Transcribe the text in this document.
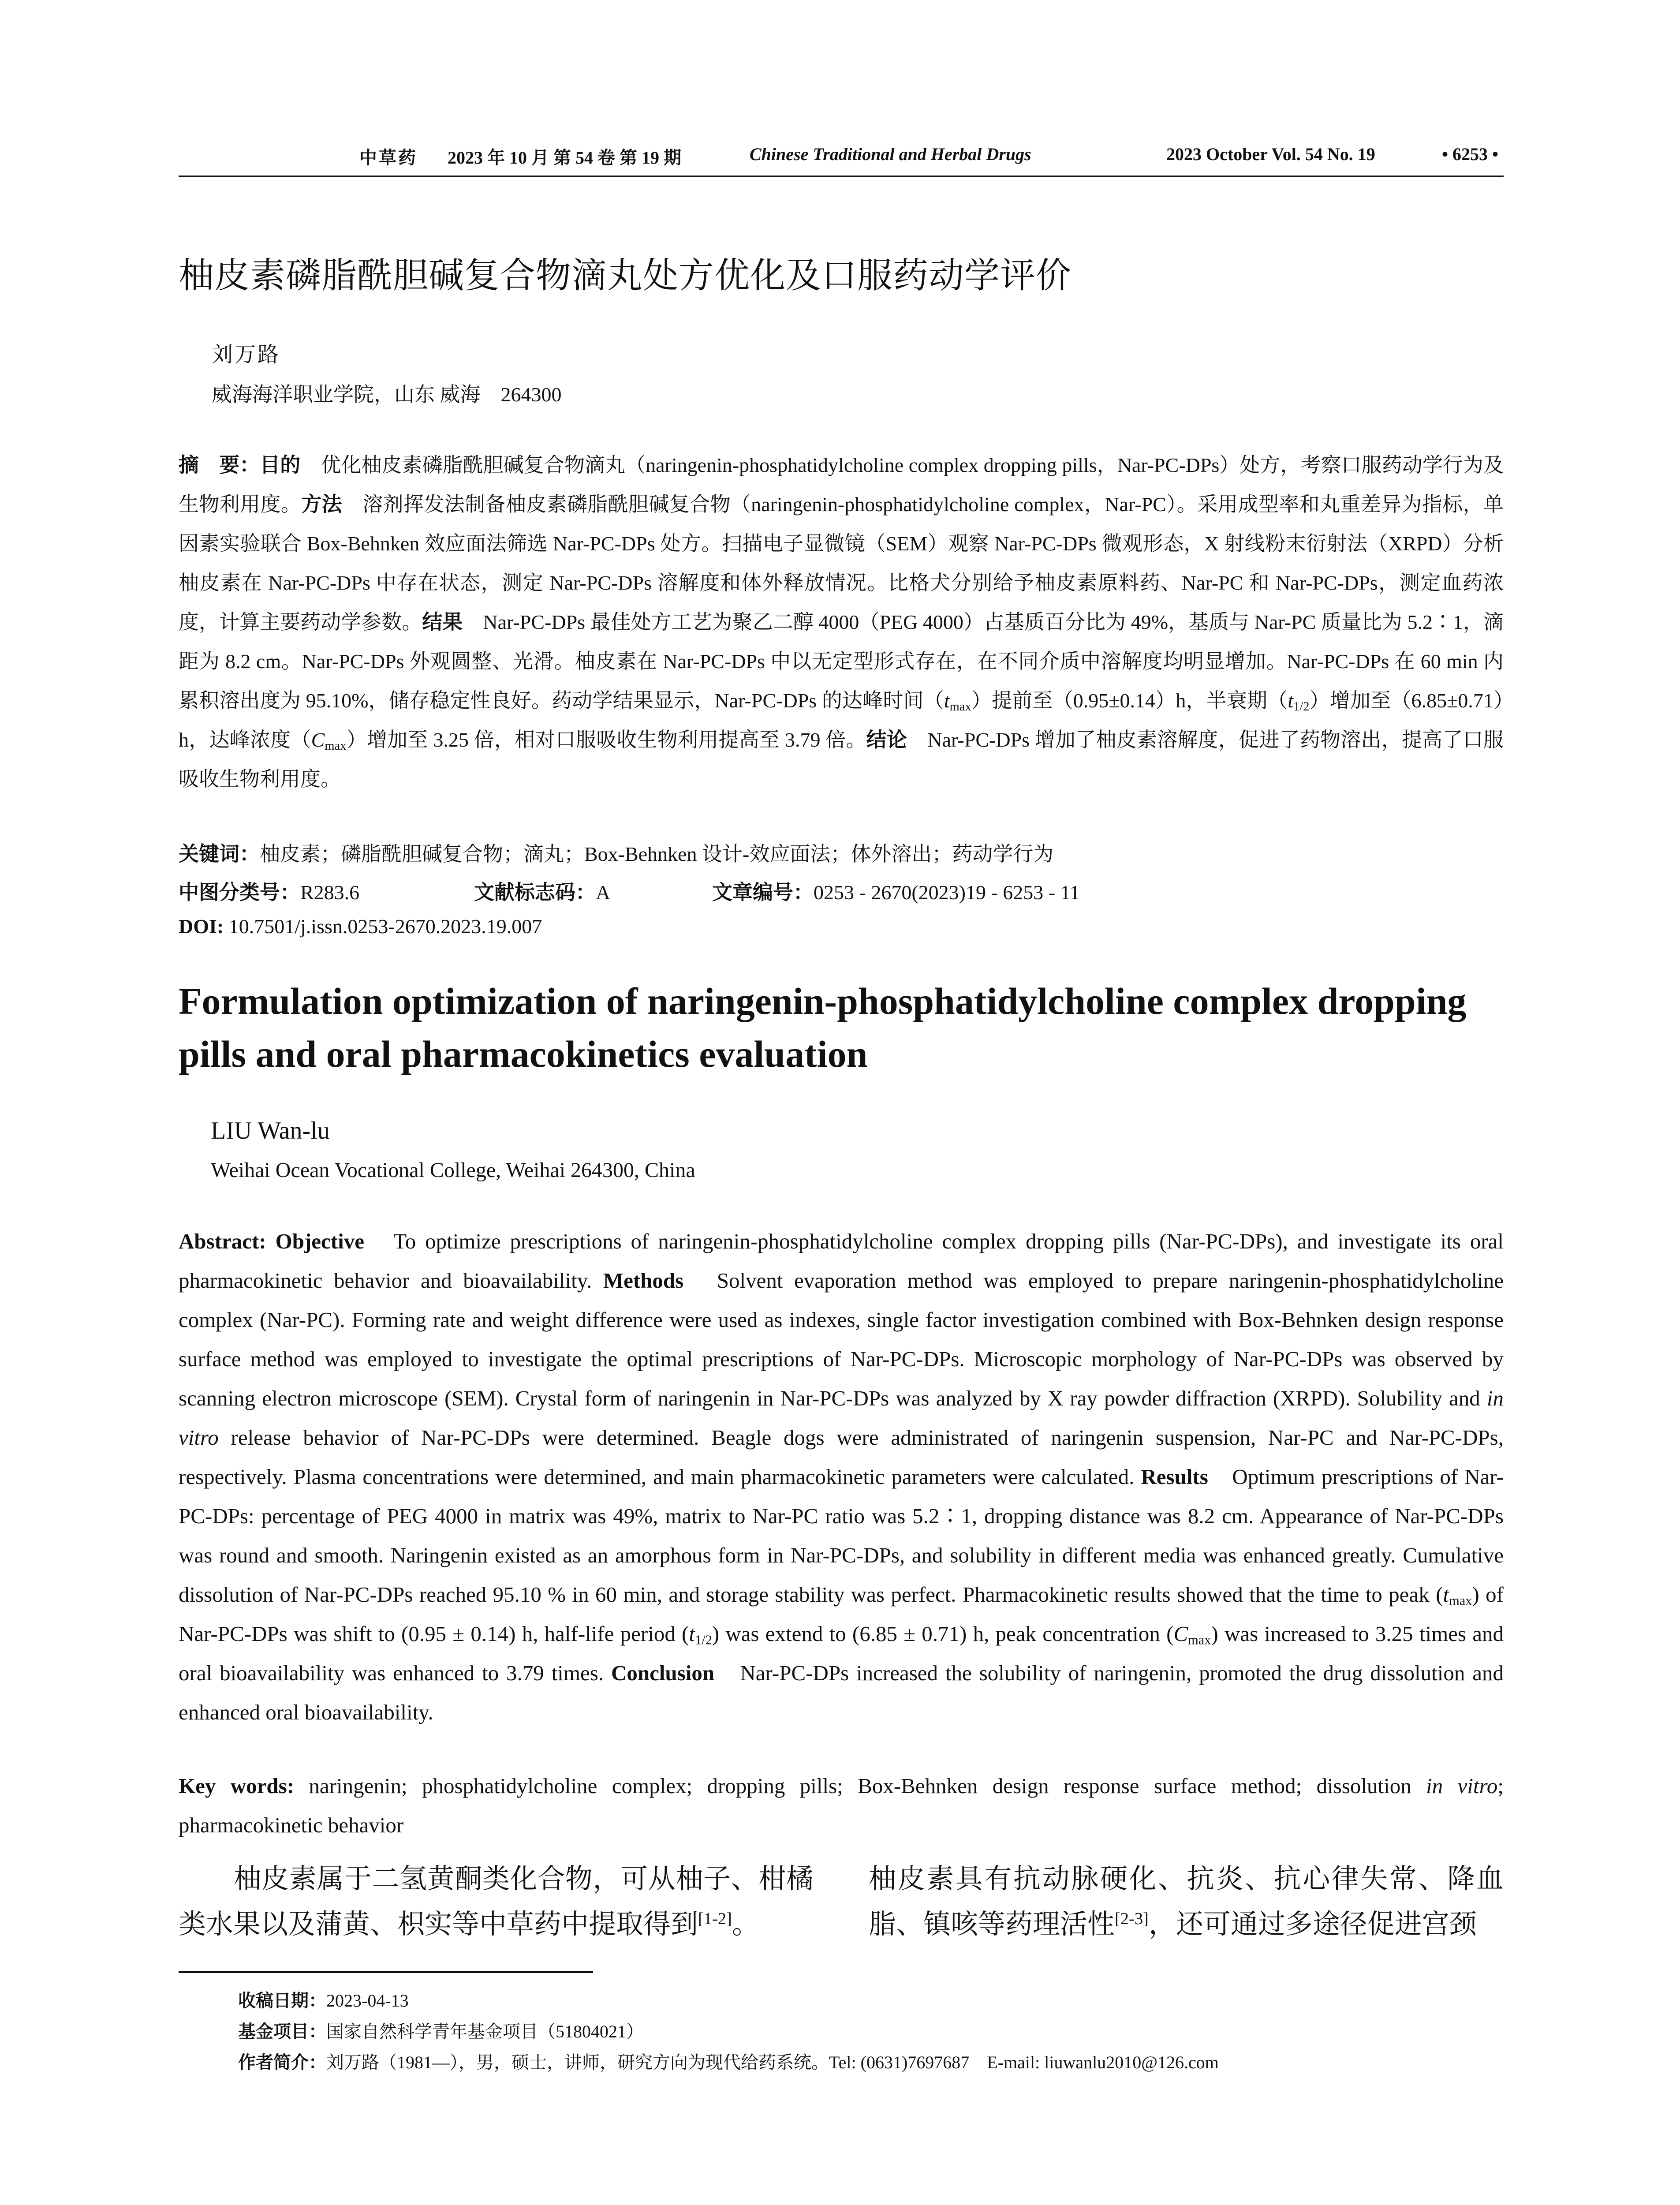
中草药 2023 年 10 月 第 54 卷 第 19 期	Chinese Traditional and Herbal Drugs	2023 October Vol. 54 No. 19	• 6253 •
柚皮素磷脂酰胆碱复合物滴丸处方优化及口服药动学评价
刘万路
威海海洋职业学院，山东 威海　264300
摘　要：目的　优化柚皮素磷脂酰胆碱复合物滴丸（naringenin-phosphatidylcholine complex dropping pills，Nar-PC-DPs）处方，考察口服药动学行为及生物利用度。方法　溶剂挥发法制备柚皮素磷脂酰胆碱复合物（naringenin-phosphatidylcholine complex，Nar-PC）。采用成型率和丸重差异为指标，单因素实验联合 Box-Behnken 效应面法筛选 Nar-PC-DPs 处方。扫描电子显微镜（SEM）观察 Nar-PC-DPs 微观形态，X 射线粉末衍射法（XRPD）分析柚皮素在 Nar-PC-DPs 中存在状态，测定 Nar-PC-DPs 溶解度和体外释放情况。比格犬分别给予柚皮素原料药、Nar-PC 和 Nar-PC-DPs，测定血药浓度，计算主要药动学参数。结果　Nar-PC-DPs 最佳处方工艺为聚乙二醇 4000（PEG 4000）占基质百分比为 49%，基质与 Nar-PC 质量比为 5.2∶1，滴距为 8.2 cm。Nar-PC-DPs 外观圆整、光滑。柚皮素在 Nar-PC-DPs 中以无定型形式存在，在不同介质中溶解度均明显增加。Nar-PC-DPs 在 60 min 内累积溶出度为 95.10%，储存稳定性良好。药动学结果显示，Nar-PC-DPs 的达峰时间$(t_{max})$提前至（0.95±0.14）h，半衰期$(t_{1/2})$增加至（6.85±0.71）h，达峰浓度$(C_{max})$增加至 3.25 倍，相对口服吸收生物利用提高至 3.79 倍。结论　Nar-PC-DPs 增加了柚皮素溶解度，促进了药物溶出，提高了口服吸收生物利用度。
关键词：柚皮素；磷脂酰胆碱复合物；滴丸；Box-Behnken 设计-效应面法；体外溶出；药动学行为
中图分类号：R283.6	文献标志码：A	文章编号：0253 - 2670(2023)19 - 6253 - 11
DOI: 10.7501/j.issn.0253-2670.2023.19.007
Formulation optimization of naringenin-phosphatidylcholine complex dropping pills and oral pharmacokinetics evaluation
LIU Wan-lu
Weihai Ocean Vocational College, Weihai 264300, China
Abstract: Objective　To optimize prescriptions of naringenin-phosphatidylcholine complex dropping pills (Nar-PC-DPs), and investigate its oral pharmacokinetic behavior and bioavailability. Methods　Solvent evaporation method was employed to prepare naringenin-phosphatidylcholine complex (Nar-PC). Forming rate and weight difference were used as indexes, single factor investigation combined with Box-Behnken design response surface method was employed to investigate the optimal prescriptions of Nar-PC-DPs. Microscopic morphology of Nar-PC-DPs was observed by scanning electron microscope (SEM). Crystal form of naringenin in Nar-PC-DPs was analyzed by X ray powder diffraction (XRPD). Solubility and in vitro release behavior of Nar-PC-DPs were determined. Beagle dogs were administrated of naringenin suspension, Nar-PC and Nar-PC-DPs, respectively. Plasma concentrations were determined, and main pharmacokinetic parameters were calculated. Results　Optimum prescriptions of Nar-PC-DPs: percentage of PEG 4000 in matrix was 49%, matrix to Nar-PC ratio was 5.2∶1, dropping distance was 8.2 cm. Appearance of Nar-PC-DPs was round and smooth. Naringenin existed as an amorphous form in Nar-PC-DPs, and solubility in different media was enhanced greatly. Cumulative dissolution of Nar-PC-DPs reached 95.10 % in 60 min, and storage stability was perfect. Pharmacokinetic results showed that the time to peak $(t_{max})$ of Nar-PC-DPs was shift to (0.95 ± 0.14) h, half-life period $(t_{1/2})$ was extend to (6.85 ± 0.71) h, peak concentration $(C_{max})$ was increased to 3.25 times and oral bioavailability was enhanced to 3.79 times. Conclusion　Nar-PC-DPs increased the solubility of naringenin, promoted the drug dissolution and enhanced oral bioavailability.
Key words: naringenin; phosphatidylcholine complex; dropping pills; Box-Behnken design response surface method; dissolution in vitro; pharmacokinetic behavior
　　柚皮素属于二氢黄酮类化合物，可从柚子、柑橘类水果以及蒲黄、枳实等中草药中提取得到[1-2]。
柚皮素具有抗动脉硬化、抗炎、抗心律失常、降血脂、镇咳等药理活性[2-3]，还可通过多途径促进宫颈
收稿日期：2023-04-13
基金项目：国家自然科学青年基金项目（51804021）
作者简介：刘万路（1981—），男，硕士，讲师，研究方向为现代给药系统。Tel: (0631)7697687　E-mail: liuwanlu2010@126.com
